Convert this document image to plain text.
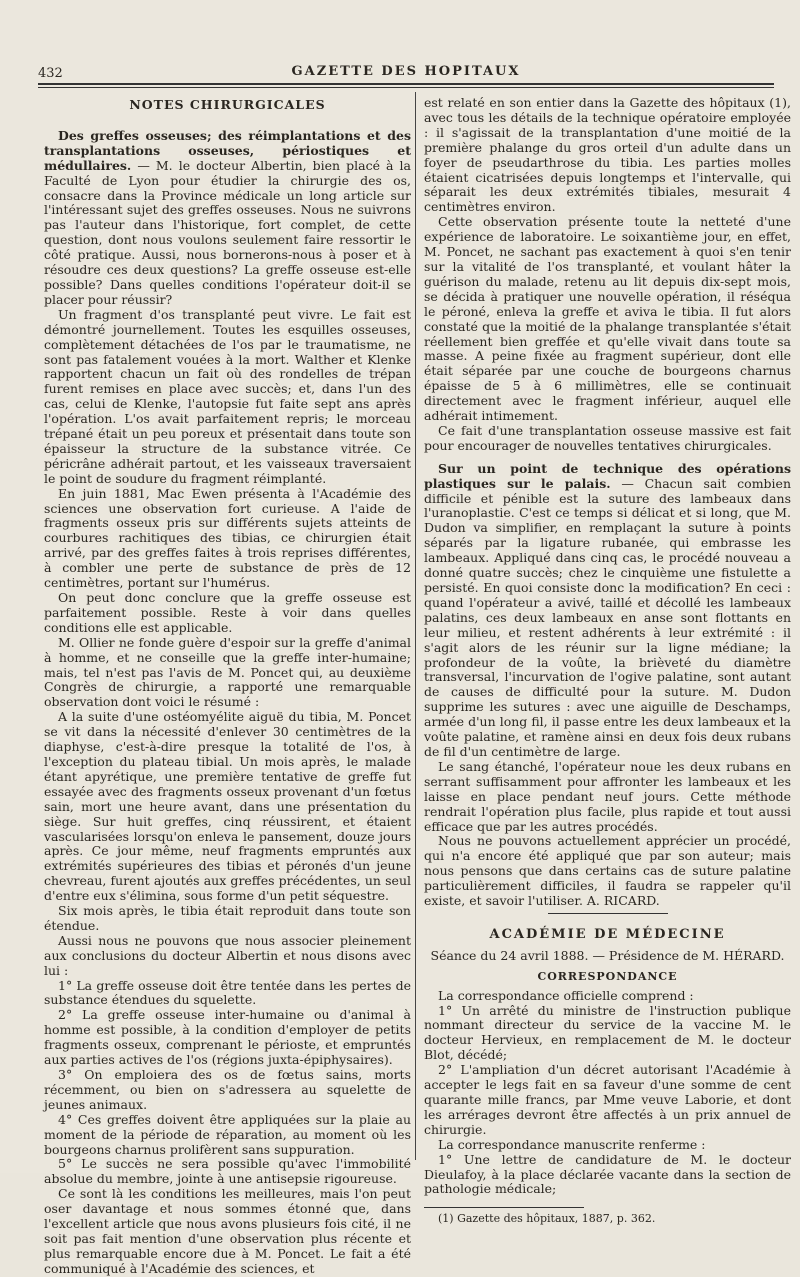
432	GAZETTE DES HOPITAUX
NOTES CHIRURGICALES

Des greffes osseuses; des réimplantations et des transplantations osseuses, périostiques et médullaires. — M. le docteur Albertin, bien placé à la Faculté de Lyon pour étudier la chirurgie des os, consacre dans la Province médicale un long article sur l'intéressant sujet des greffes osseuses. Nous ne suivrons pas l'auteur dans l'historique, fort complet, de cette question, dont nous voulons seulement faire ressortir le côté pratique. Aussi, nous bornerons-nous à poser et à résoudre ces deux questions? La greffe osseuse est-elle possible? Dans quelles conditions l'opérateur doit-il se placer pour réussir?

Un fragment d'os transplanté peut vivre. Le fait est démontré journellement. Toutes les esquilles osseuses, complètement détachées de l'os par le traumatisme, ne sont pas fatalement vouées à la mort. Walther et Klenke rapportent chacun un fait où des rondelles de trépan furent remises en place avec succès; et, dans l'un des cas, celui de Klenke, l'autopsie fut faite sept ans après l'opération. L'os avait parfaitement repris; le morceau trépané était un peu poreux et présentait dans toute son épaisseur la structure de la substance vitrée. Ce péricrâne adhérait partout, et les vaisseaux traversaient le point de soudure du fragment réimplanté.

En juin 1881, Mac Ewen présenta à l'Académie des sciences une observation fort curieuse. A l'aide de fragments osseux pris sur différents sujets atteints de courbures rachitiques des tibias, ce chirurgien était arrivé, par des greffes faites à trois reprises différentes, à combler une perte de substance de près de 12 centimètres, portant sur l'humérus.

On peut donc conclure que la greffe osseuse est parfaitement possible. Reste à voir dans quelles conditions elle est applicable.

M. Ollier ne fonde guère d'espoir sur la greffe d'animal à homme, et ne conseille que la greffe inter-humaine; mais, tel n'est pas l'avis de M. Poncet qui, au deuxième Congrès de chirurgie, a rapporté une remarquable observation dont voici le résumé :

A la suite d'une ostéomyélite aiguë du tibia, M. Poncet se vit dans la nécessité d'enlever 30 centimètres de la diaphyse, c'est-à-dire presque la totalité de l'os, à l'exception du plateau tibial. Un mois après, le malade étant apyrétique, une première tentative de greffe fut essayée avec des fragments osseux provenant d'un fœtus sain, mort une heure avant, dans une présentation du siège. Sur huit greffes, cinq réussirent, et étaient vascularisées lorsqu'on enleva le pansement, douze jours après. Ce jour même, neuf fragments empruntés aux extrémités supérieures des tibias et péronés d'un jeune chevreau, furent ajoutés aux greffes précédentes, un seul d'entre eux s'élimina, sous forme d'un petit séquestre.

Six mois après, le tibia était reproduit dans toute son étendue.

Aussi nous ne pouvons que nous associer pleinement aux conclusions du docteur Albertin et nous disons avec lui :

1° La greffe osseuse doit être tentée dans les pertes de substance étendues du squelette.

2° La greffe osseuse inter-humaine ou d'animal à homme est possible, à la condition d'employer de petits fragments osseux, comprenant le périoste, et empruntés aux parties actives de l'os (régions juxta-épiphysaires).

3° On emploiera des os de fœtus sains, morts récemment, ou bien on s'adressera au squelette de jeunes animaux.

4° Ces greffes doivent être appliquées sur la plaie au moment de la période de réparation, au moment où les bourgeons charnus prolifèrent sans suppuration.

5° Le succès ne sera possible qu'avec l'immobilité absolue du membre, jointe à une antisepsie rigoureuse.

Ce sont là les conditions les meilleures, mais l'on peut oser davantage et nous sommes étonné que, dans l'excellent article que nous avons plusieurs fois cité, il ne soit pas fait mention d'une observation plus récente et plus remarquable encore due à M. Poncet. Le fait a été communiqué à l'Académie des sciences, et

est relaté en son entier dans la Gazette des hôpitaux (1), avec tous les détails de la technique opératoire employée : il s'agissait de la transplantation d'une moitié de la première phalange du gros orteil d'un adulte dans un foyer de pseudarthrose du tibia. Les parties molles étaient cicatrisées depuis longtemps et l'intervalle, qui séparait les deux extrémités tibiales, mesurait 4 centimètres environ.

Cette observation présente toute la netteté d'une expérience de laboratoire. Le soixantième jour, en effet, M. Poncet, ne sachant pas exactement à quoi s'en tenir sur la vitalité de l'os transplanté, et voulant hâter la guérison du malade, retenu au lit depuis dix-sept mois, se décida à pratiquer une nouvelle opération, il réséqua le péroné, enleva la greffe et aviva le tibia. Il fut alors constaté que la moitié de la phalange transplantée s'était réellement bien greffée et qu'elle vivait dans toute sa masse. A peine fixée au fragment supérieur, dont elle était séparée par une couche de bourgeons charnus épaisse de 5 à 6 millimètres, elle se continuait directement avec le fragment inférieur, auquel elle adhérait intimement.

Ce fait d'une transplantation osseuse massive est fait pour encourager de nouvelles tentatives chirurgicales.

Sur un point de technique des opérations plastiques sur le palais. — Chacun sait combien difficile et pénible est la suture des lambeaux dans l'uranoplastie. C'est ce temps si délicat et si long, que M. Dudon va simplifier, en remplaçant la suture à points séparés par la ligature rubanée, qui embrasse les lambeaux. Appliqué dans cinq cas, le procédé nouveau a donné quatre succès; chez le cinquième une fistulette a persisté. En quoi consiste donc la modification? En ceci : quand l'opérateur a avivé, taillé et décollé les lambeaux palatins, ces deux lambeaux en anse sont flottants en leur milieu, et restent adhérents à leur extrémité : il s'agit alors de les réunir sur la ligne médiane; la profondeur de la voûte, la brièveté du diamètre transversal, l'incurvation de l'ogive palatine, sont autant de causes de difficulté pour la suture. M. Dudon supprime les sutures : avec une aiguille de Deschamps, armée d'un long fil, il passe entre les deux lambeaux et la voûte palatine, et ramène ainsi en deux fois deux rubans de fil d'un centimètre de large.

Le sang étanché, l'opérateur noue les deux rubans en serrant suffisamment pour affronter les lambeaux et les laisse en place pendant neuf jours. Cette méthode rendrait l'opération plus facile, plus rapide et tout aussi efficace que par les autres procédés.

Nous ne pouvons actuellement apprécier un procédé, qui n'a encore été appliqué que par son auteur; mais nous pensons que dans certains cas de suture palatine particulièrement difficiles, il faudra se rappeler qu'il existe, et savoir l'utiliser. A. RICARD.

ACADÉMIE DE MÉDECINE
Séance du 24 avril 1888. — Présidence de M. HÉRARD.
CORRESPONDANCE

La correspondance officielle comprend :

1° Un arrêté du ministre de l'instruction publique nommant directeur du service de la vaccine M. le docteur Hervieux, en remplacement de M. le docteur Blot, décédé;

2° L'ampliation d'un décret autorisant l'Académie à accepter le legs fait en sa faveur d'une somme de cent quarante mille francs, par Mme veuve Laborie, et dont les arrérages devront être affectés à un prix annuel de chirurgie.

La correspondance manuscrite renferme :

1° Une lettre de candidature de M. le docteur Dieulafoy, à la place déclarée vacante dans la section de pathologie médicale;

(1) Gazette des hôpitaux, 1887, p. 362.
